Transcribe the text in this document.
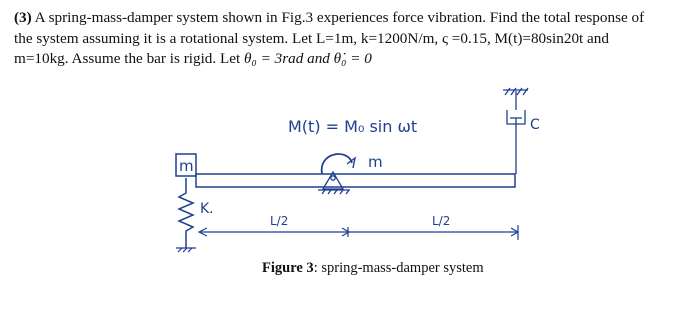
(3) A spring-mass-damper system shown in Fig.3 experiences force vibration. Find the total response of
the system assuming it is a rotational system. Let L=1m, k=1200N/m, ς =0.15, M(t)=80sin20t and
m=10kg. Assume the bar is rigid. Let θ₀ = 3rad and θ̇₀ = 0
m
K.
M(t) = M₀ sin ωt
m
C
L/2	L/2

Figure 3: spring-mass-damper system
